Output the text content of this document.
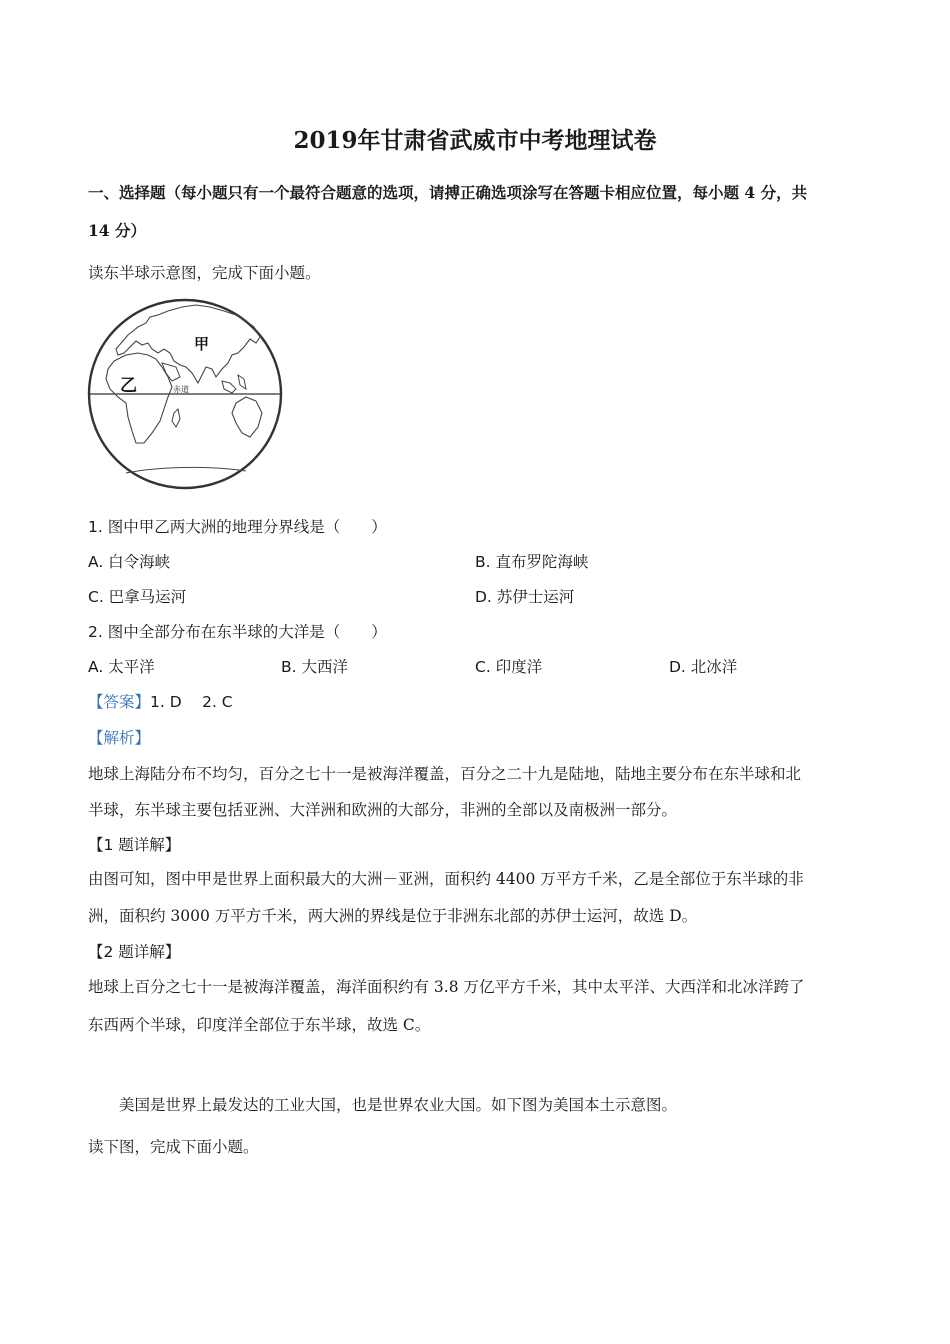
2019年甘肃省武威市中考地理试卷
一、选择题（每小题只有一个最符合题意的选项，请搏正确选项涂写在答题卡相应位置，每小题 4 分，共
14 分）
读东半球示意图，完成下面小题。
甲
乙	赤道
1. 图中甲乙两大洲的地理分界线是（　　）
A. 白令海峡	B. 直布罗陀海峡
C. 巴拿马运河	D. 苏伊士运河
2. 图中全部分布在东半球的大洋是（　　）
A. 太平洋	B. 大西洋	C. 印度洋	D. 北冰洋
【答案】1. D　 2. C
【解析】
地球上海陆分布不均匀，百分之七十一是被海洋覆盖，百分之二十九是陆地，陆地主要分布在东半球和北
半球，东半球主要包括亚洲、大洋洲和欧洲的大部分，非洲的全部以及南极洲一部分。
【1 题详解】
由图可知，图中甲是世界上面积最大的大洲－亚洲，面积约 4400 万平方千米，乙是全部位于东半球的非
洲，面积约 3000 万平方千米，两大洲的界线是位于非洲东北部的苏伊士运河，故选 D。
【2 题详解】
地球上百分之七十一是被海洋覆盖，海洋面积约有 3.8 万亿平方千米，其中太平洋、大西洋和北冰洋跨了
东西两个半球，印度洋全部位于东半球，故选 C。
美国是世界上最发达的工业大国，也是世界农业大国。如下图为美国本土示意图。
读下图，完成下面小题。
